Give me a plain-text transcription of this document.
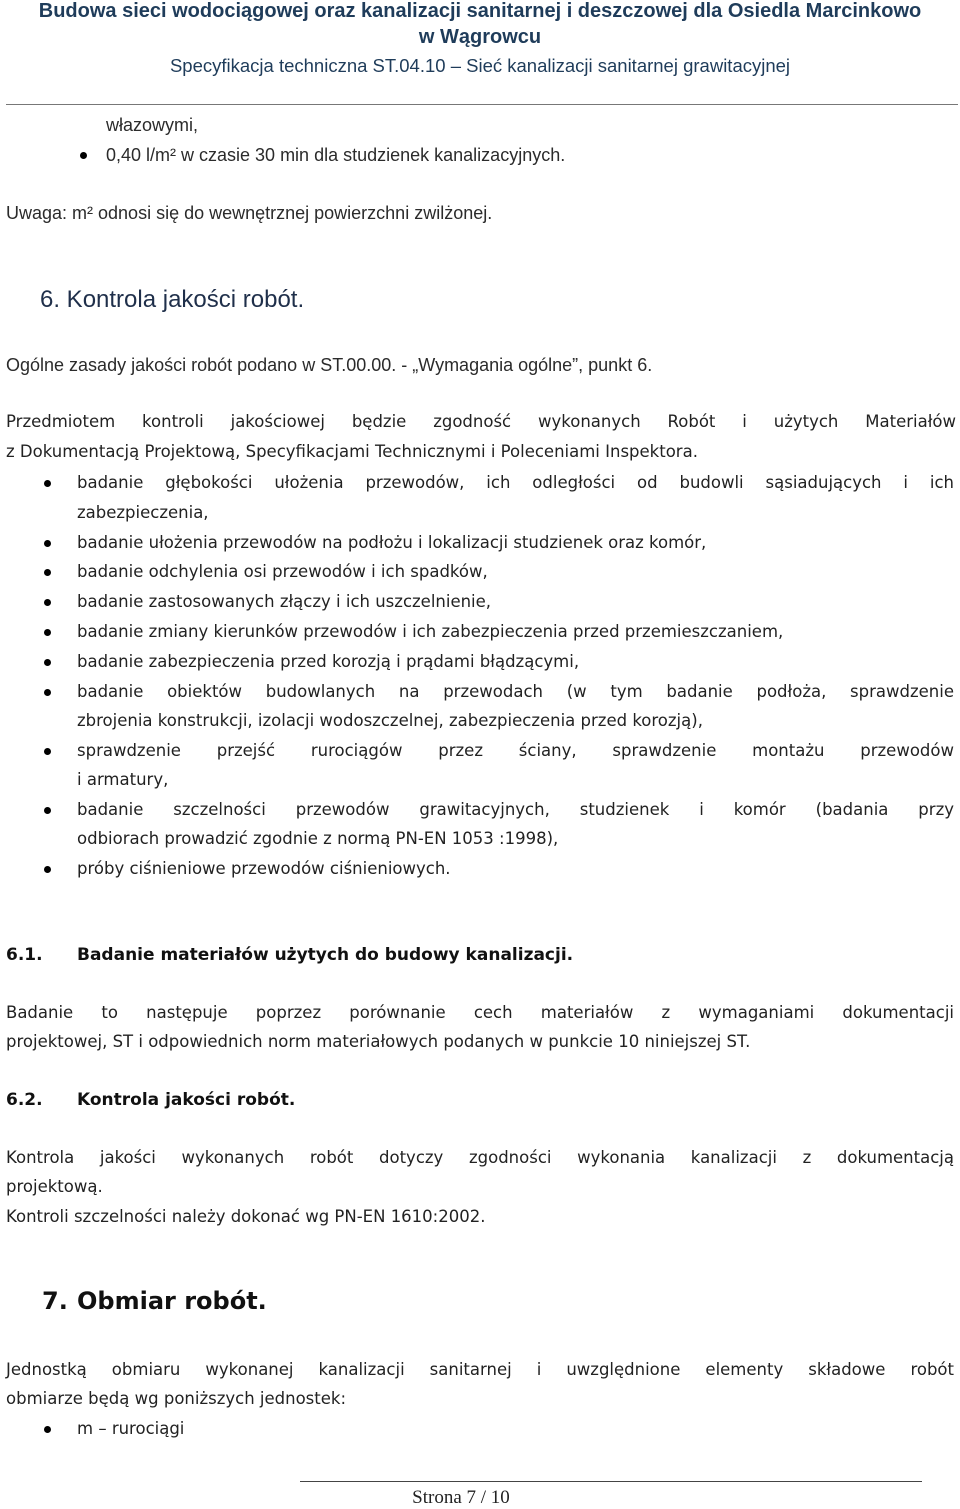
Budowa sieci wodociągowej oraz kanalizacji sanitarnej i deszczowej dla Osiedla Marcinkowo
w Wągrowcu
Specyfikacja techniczna ST.04.10 – Sieć kanalizacji sanitarnej grawitacyjnej
włazowymi,
0,40 l/m² w czasie 30 min dla studzienek kanalizacyjnych.
Uwaga: m² odnosi się do wewnętrznej powierzchni zwilżonej.
6. Kontrola jakości robót.
Ogólne zasady jakości robót podano w ST.00.00. - „Wymagania ogólne”, punkt 6.
Przedmiotem kontroli jakościowej będzie zgodność wykonanych Robót i użytych Materiałów
z Dokumentacją Projektową, Specyfikacjami Technicznymi i Poleceniami Inspektora.
badanie głębokości ułożenia przewodów, ich odległości od budowli sąsiadujących i ich
zabezpieczenia,
badanie ułożenia przewodów na podłożu i lokalizacji studzienek oraz komór,
badanie odchylenia osi przewodów i ich spadków,
badanie zastosowanych złączy i ich uszczelnienie,
badanie zmiany kierunków przewodów i ich zabezpieczenia przed przemieszczaniem,
badanie zabezpieczenia przed korozją i prądami błądzącymi,
badanie obiektów budowlanych na przewodach (w tym badanie podłoża, sprawdzenie
zbrojenia konstrukcji, izolacji wodoszczelnej, zabezpieczenia przed korozją),
sprawdzenie przejść rurociągów przez ściany, sprawdzenie montażu przewodów
i armatury,
badanie szczelności przewodów grawitacyjnych, studzienek i komór (badania przy
odbiorach prowadzić zgodnie z normą PN-EN 1053 :1998),
próby ciśnieniowe przewodów ciśnieniowych.
6.1. Badanie materiałów użytych do budowy kanalizacji.
Badanie to następuje poprzez porównanie cech materiałów z wymaganiami dokumentacji
projektowej, ST i odpowiednich norm materiałowych podanych w punkcie 10 niniejszej ST.
6.2. Kontrola jakości robót.
Kontrola jakości wykonanych robót dotyczy zgodności wykonania kanalizacji z dokumentacją
projektową.
Kontroli szczelności należy dokonać wg PN-EN 1610:2002.
7. Obmiar robót.
Jednostką obmiaru wykonanej kanalizacji sanitarnej i uwzględnione elementy składowe robót
obmiarze będą wg poniższych jednostek:
m – rurociągi
Strona 7 / 10
